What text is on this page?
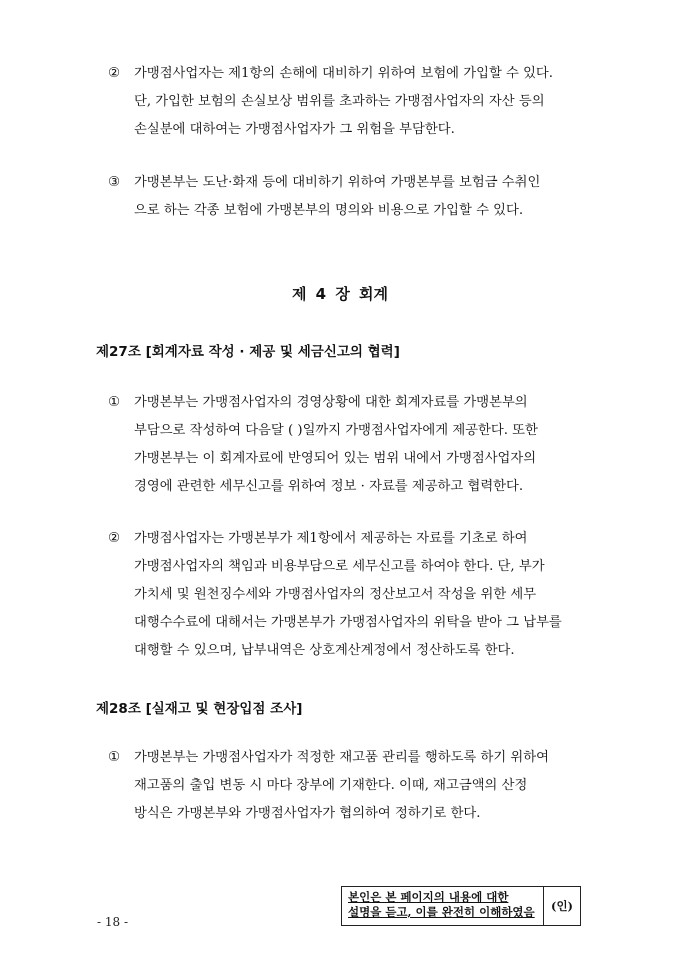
②	가맹점사업자는 제1항의 손해에 대비하기 위하여 보험에 가입할 수 있다.
단, 가입한 보험의 손실보상 범위를 초과하는 가맹점사업자의 자산 등의
손실분에 대하여는 가맹점사업자가 그 위험을 부담한다.
③	가맹본부는 도난·화재 등에 대비하기 위하여 가맹본부를 보험금 수취인
으로 하는 각종 보험에 가맹본부의 명의와 비용으로 가입할 수 있다.
제 4 장 회계
제27조 [회계자료 작성 · 제공 및 세금신고의 협력]
①	가맹본부는 가맹점사업자의 경영상황에 대한 회계자료를 가맹본부의
부담으로 작성하여 다음달 ( )일까지 가맹점사업자에게 제공한다. 또한
가맹본부는 이 회계자료에 반영되어 있는 범위 내에서 가맹점사업자의
경영에 관련한 세무신고를 위하여 정보 · 자료를 제공하고 협력한다.
②	가맹점사업자는 가맹본부가 제1항에서 제공하는 자료를 기초로 하여
가맹점사업자의 책임과 비용부담으로 세무신고를 하여야 한다. 단, 부가
가치세 및 원천징수세와 가맹점사업자의 정산보고서 작성을 위한 세무
대행수수료에 대해서는 가맹본부가 가맹점사업자의 위탁을 받아 그 납부를
대행할 수 있으며, 납부내역은 상호계산계정에서 정산하도록 한다.
제28조 [실재고 및 현장입점 조사]
①	가맹본부는 가맹점사업자가 적정한 재고품 관리를 행하도록 하기 위하여
재고품의 출입 변동 시 마다 장부에 기재한다. 이때, 재고금액의 산정
방식은 가맹본부와 가맹점사업자가 협의하여 정하기로 한다.
본인은 본 페이지의 내용에 대한
설명을 듣고, 이를 완전히 이해하였음	(인)
- 18 -
